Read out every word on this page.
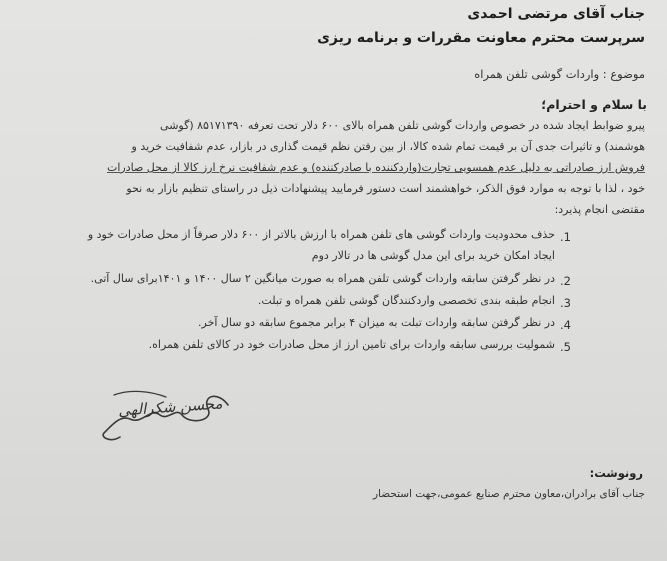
جناب آقای مرتضی احمدی
سرپرست محترم معاونت مقررات و برنامه ریزی
موضوع : واردات گوشی تلفن همراه
با سلام و احترام؛
پیرو ضوابط ایجاد شده در خصوص واردات گوشی تلفن همراه بالای ۶۰۰ دلار تحت تعرفه ۸۵۱۷۱۳۹۰ (گوشی
هوشمند) و تاثیرات جدی آن بر قیمت تمام شده کالا، از بین رفتن نظم قیمت گذاری در بازار، عدم شفافیت خرید و
فروش ارز صادراتی به دلیل عدم همسویی تجارت(واردکننده با صادرکننده) و عدم شفافیت نرخ ارز کالا از محل صادرات
خود ، لذا با توجه به موارد فوق الذکر، خواهشمند است دستور فرمایید پیشنهادات ذیل در راستای تنظیم بازار به نحو
مقتضی انجام پذیرد:
1.
حذف محدودیت واردات گوشی های تلفن همراه با ارزش بالاتر از ۶۰۰ دلار صرفاً از محل صادرات خود و
ایجاد امکان خرید برای این مدل گوشی ها در تالار دوم
2.
در نظر گرفتن سابقه واردات گوشی تلفن همراه به صورت میانگین ۲ سال ۱۴۰۰ و ۱۴۰۱برای سال آتی.
3.
انجام طبقه بندی تخصصی واردکنندگان گوشی تلفن همراه و تبلت.
4.
در نظر گرفتن سابقه واردات تبلت به میزان ۴ برابر مجموع سابقه دو سال آخر.
5.
شمولیت بررسی سابقه واردات برای تامین ارز از محل صادرات خود در کالای تلفن همراه.
محسن شکرالهی
رونوشت:
جناب آقای برادران،معاون محترم صنایع عمومی،جهت استحضار
